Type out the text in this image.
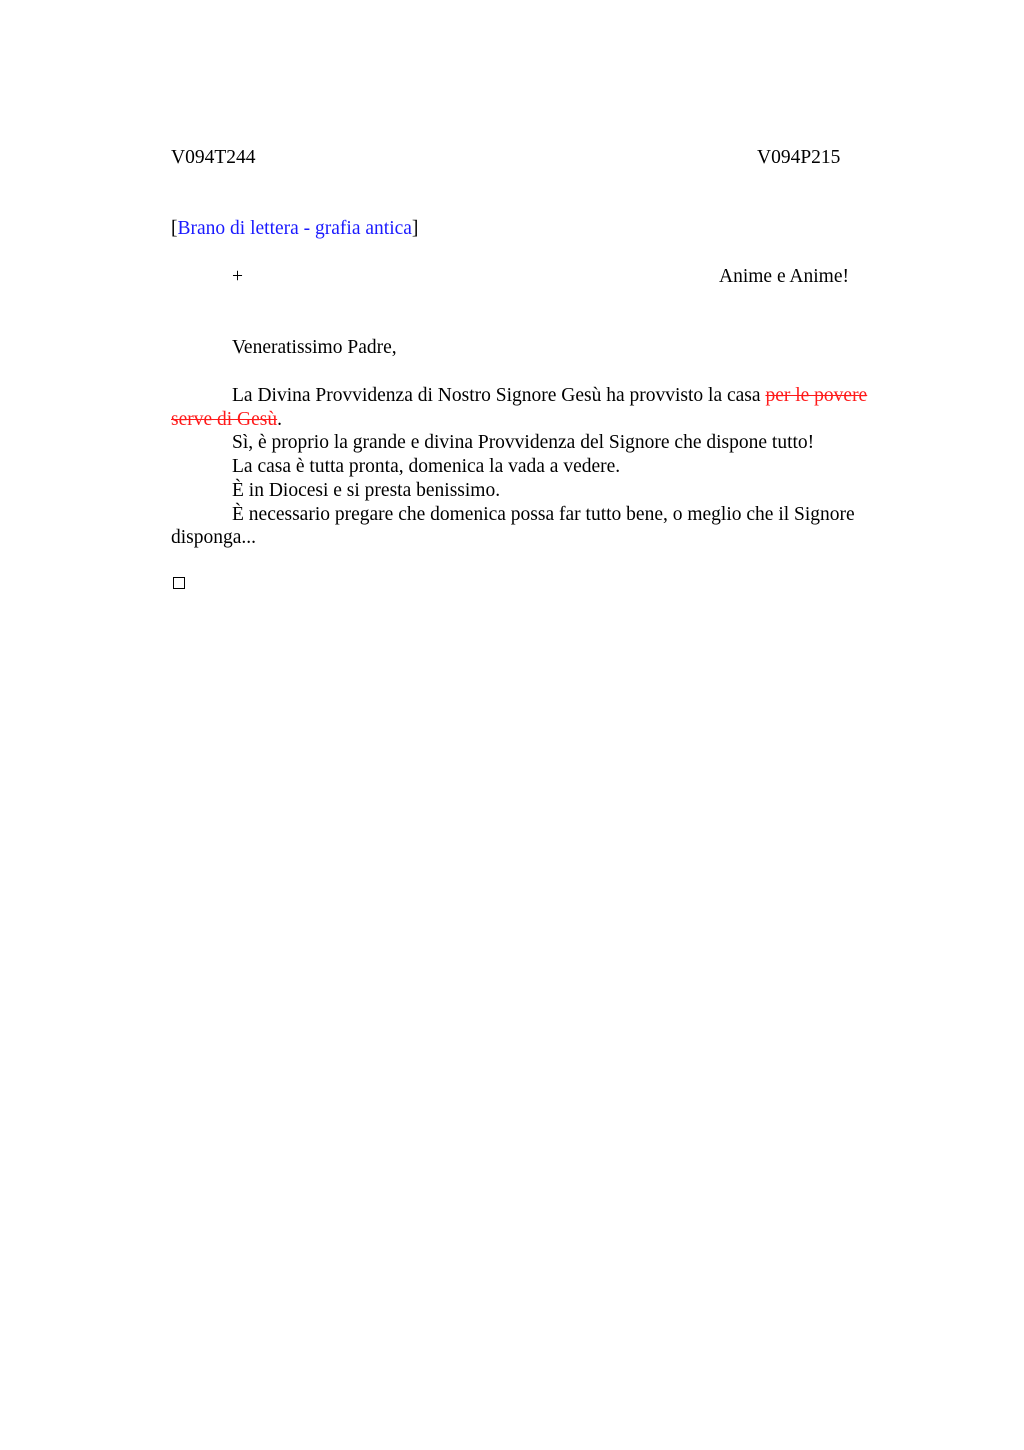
V094T244	V094P215
[Brano di lettera - grafia antica]
+	Anime e Anime!
Veneratissimo Padre,

La Divina Provvidenza di Nostro Signore Gesù ha provvisto la casa per le povere serve di Gesù.

Sì, è proprio la grande e divina Provvidenza del Signore che dispone tutto!

La casa è tutta pronta, domenica la vada a vedere.

È in Diocesi e si presta benissimo.

È necessario pregare che domenica possa far tutto bene, o meglio che il Signore disponga...
